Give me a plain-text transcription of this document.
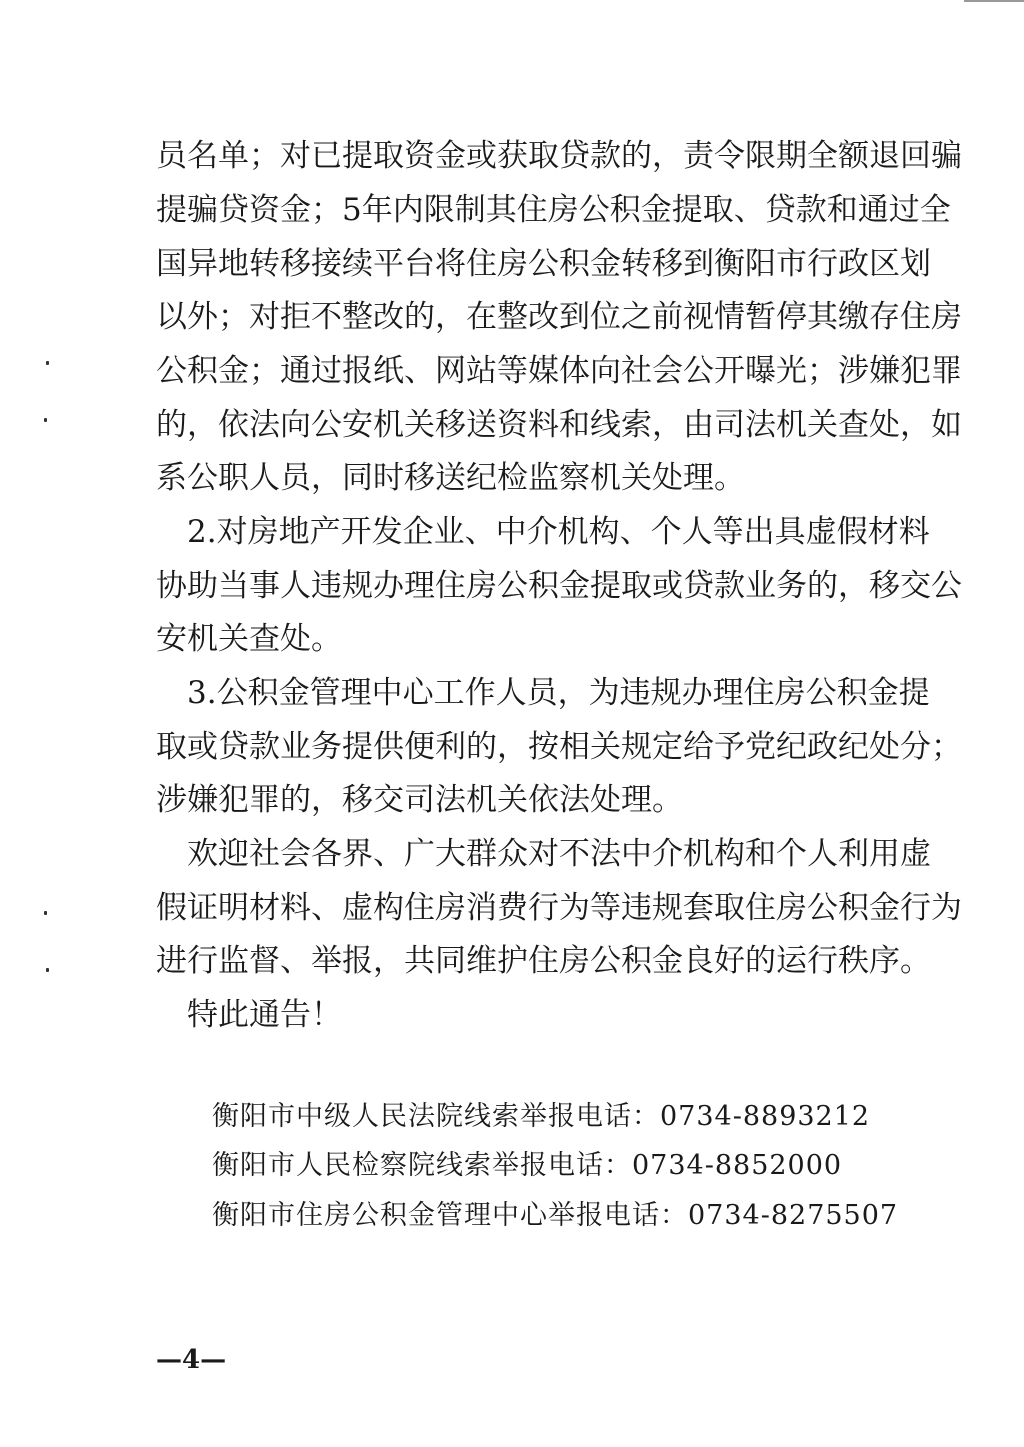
员名单；对已提取资金或获取贷款的，责令限期全额退回骗
提骗贷资金；5年内限制其住房公积金提取、贷款和通过全
国异地转移接续平台将住房公积金转移到衡阳市行政区划
以外；对拒不整改的，在整改到位之前视情暂停其缴存住房
公积金；通过报纸、网站等媒体向社会公开曝光；涉嫌犯罪
的，依法向公安机关移送资料和线索，由司法机关查处，如
系公职人员，同时移送纪检监察机关处理。
　2.对房地产开发企业、中介机构、个人等出具虚假材料
协助当事人违规办理住房公积金提取或贷款业务的，移交公
安机关查处。
　3.公积金管理中心工作人员，为违规办理住房公积金提
取或贷款业务提供便利的，按相关规定给予党纪政纪处分；
涉嫌犯罪的，移交司法机关依法处理。
　欢迎社会各界、广大群众对不法中介机构和个人利用虚
假证明材料、虚构住房消费行为等违规套取住房公积金行为
进行监督、举报，共同维护住房公积金良好的运行秩序。
　特此通告！
衡阳市中级人民法院线索举报电话：0734-8893212
衡阳市人民检察院线索举报电话：0734-8852000
衡阳市住房公积金管理中心举报电话：0734-8275507
—4—
